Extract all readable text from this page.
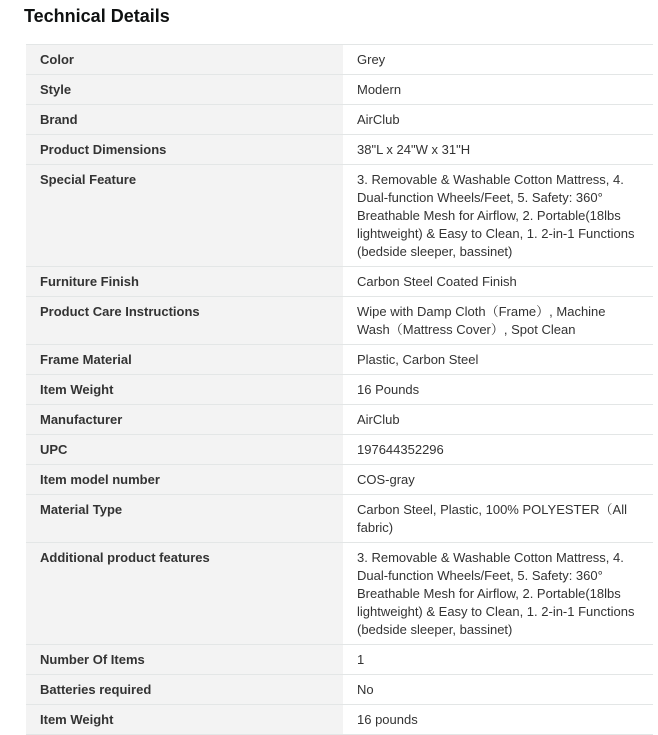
Technical Details
Color	Grey
Style	Modern
Brand	AirClub
Product Dimensions	38"L x 24"W x 31"H
Special Feature	3. Removable & Washable Cotton Mattress, 4. Dual-function Wheels/Feet, 5. Safety: 360° Breathable Mesh for Airflow, 2. Portable(18lbs lightweight) & Easy to Clean, 1. 2-in-1 Functions (bedside sleeper, bassinet)
Furniture Finish	Carbon Steel Coated Finish
Product Care Instructions	Wipe with Damp Cloth（Frame）, Machine Wash（Mattress Cover）, Spot Clean
Frame Material	Plastic, Carbon Steel
Item Weight	16 Pounds
Manufacturer	AirClub
UPC	197644352296
Item model number	COS-gray
Material Type	Carbon Steel, Plastic, 100% POLYESTER（All fabric)
Additional product features	3. Removable & Washable Cotton Mattress, 4. Dual-function Wheels/Feet, 5. Safety: 360° Breathable Mesh for Airflow, 2. Portable(18lbs lightweight) & Easy to Clean, 1. 2-in-1 Functions (bedside sleeper, bassinet)
Number Of Items	1
Batteries required	No
Item Weight	16 pounds
